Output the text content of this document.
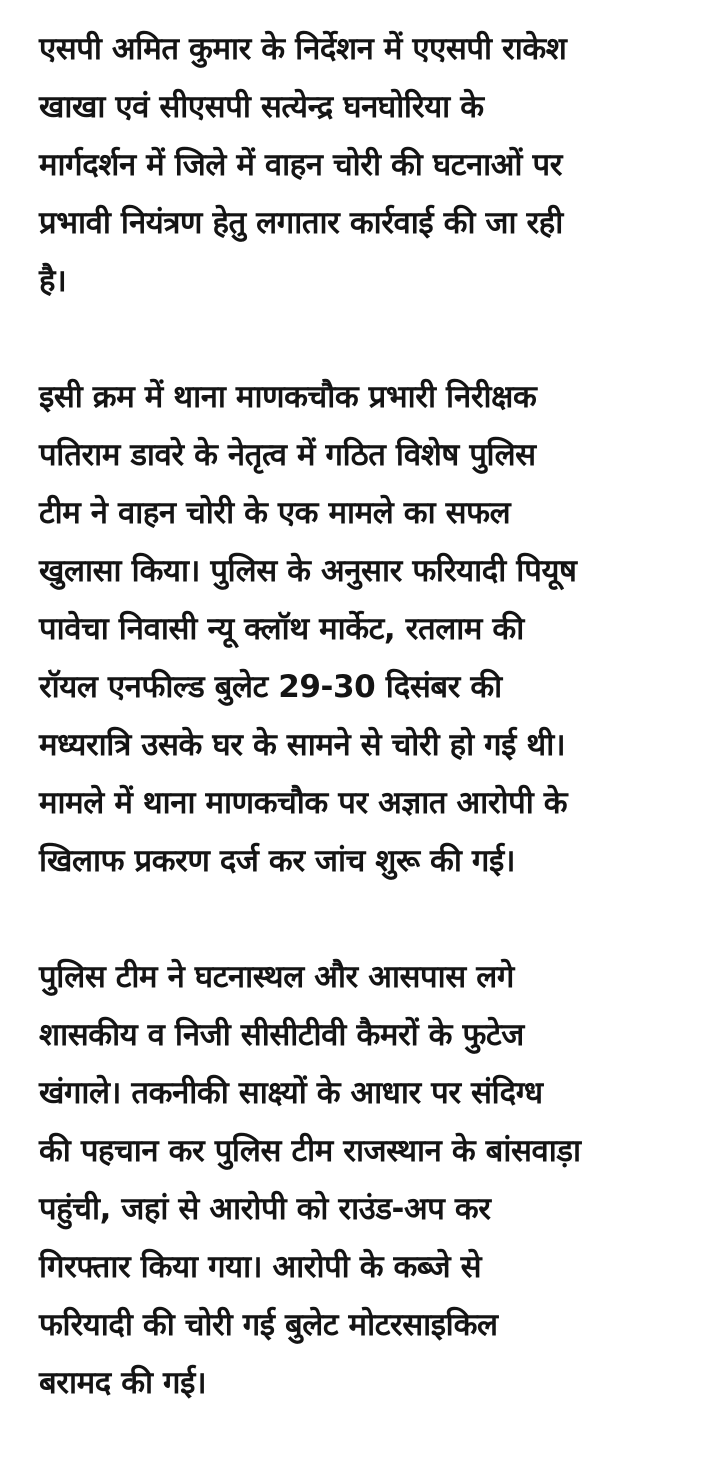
एसपी अमित कुमार के निर्देशन में एएसपी राकेश
खाखा एवं सीएसपी सत्येन्द्र घनघोरिया के
मार्गदर्शन में जिले में वाहन चोरी की घटनाओं पर
प्रभावी नियंत्रण हेतु लगातार कार्रवाई की जा रही
है।

इसी क्रम में थाना माणकचौक प्रभारी निरीक्षक
पतिराम डावरे के नेतृत्व में गठित विशेष पुलिस
टीम ने वाहन चोरी के एक मामले का सफल
खुलासा किया। पुलिस के अनुसार फरियादी पियूष
पावेचा निवासी न्यू क्लॉथ मार्केट, रतलाम की
रॉयल एनफील्ड बुलेट 29-30 दिसंबर की
मध्यरात्रि उसके घर के सामने से चोरी हो गई थी।
मामले में थाना माणकचौक पर अज्ञात आरोपी के
खिलाफ प्रकरण दर्ज कर जांच शुरू की गई।

पुलिस टीम ने घटनास्थल और आसपास लगे
शासकीय व निजी सीसीटीवी कैमरों के फुटेज
खंगाले। तकनीकी साक्ष्यों के आधार पर संदिग्ध
की पहचान कर पुलिस टीम राजस्थान के बांसवाड़ा
पहुंची, जहां से आरोपी को राउंड-अप कर
गिरफ्तार किया गया। आरोपी के कब्जे से
फरियादी की चोरी गई बुलेट मोटरसाइकिल
बरामद की गई।
